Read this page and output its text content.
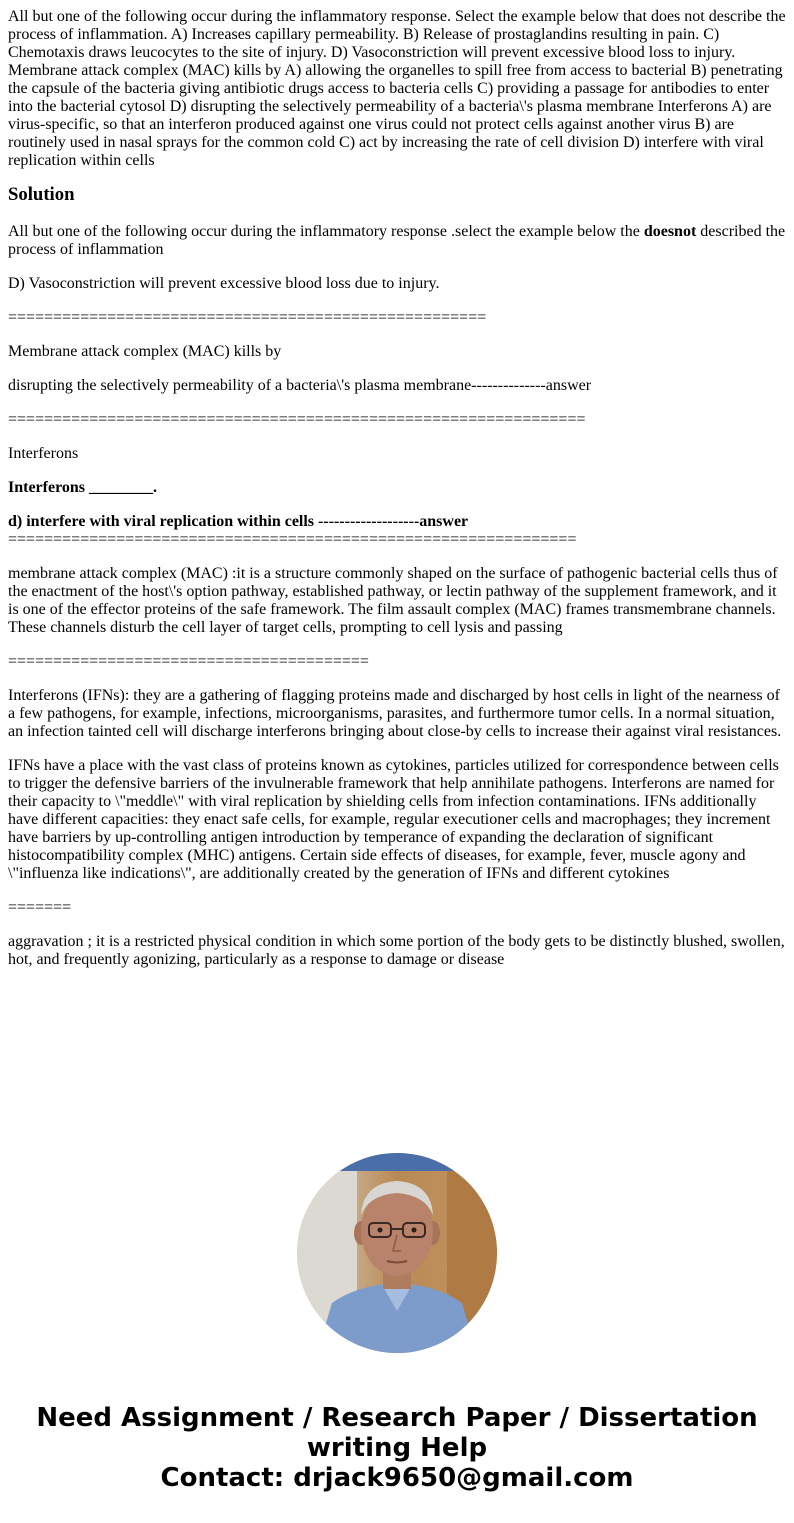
All but one of the following occur during the inflammatory response. Select the example below that does not describe the process of inflammation. A) Increases capillary permeability. B) Release of prostaglandins resulting in pain. C) Chemotaxis draws leucocytes to the site of injury. D) Vasoconstriction will prevent excessive blood loss to injury. Membrane attack complex (MAC) kills by A) allowing the organelles to spill free from access to bacterial B) penetrating the capsule of the bacteria giving antibiotic drugs access to bacteria cells C) providing a passage for antibodies to enter into the bacterial cytosol D) disrupting the selectively permeability of a bacteria\'s plasma membrane Interferons A) are virus-specific, so that an interferon produced against one virus could not protect cells against another virus B) are routinely used in nasal sprays for the common cold C) act by increasing the rate of cell division D) interfere with viral replication within cells

Solution

All but one of the following occur during the inflammatory response .select the example below the doesnot described the process of inflammation

D) Vasoconstriction will prevent excessive blood loss due to injury.

=====================================================

Membrane attack complex (MAC) kills by

disrupting the selectively permeability of a bacteria\'s plasma membrane--------------answer

================================================================

Interferons

Interferons ________.

d) interfere with viral replication within cells -------------------answer

===============================================================

membrane attack complex (MAC) :it is a structure commonly shaped on the surface of pathogenic bacterial cells thus of the enactment of the host\'s option pathway, established pathway, or lectin pathway of the supplement framework, and it is one of the effector proteins of the safe framework. The film assault complex (MAC) frames transmembrane channels. These channels disturb the cell layer of target cells, prompting to cell lysis and passing

========================================

Interferons (IFNs): they are a gathering of flagging proteins made and discharged by host cells in light of the nearness of a few pathogens, for example, infections, microorganisms, parasites, and furthermore tumor cells. In a normal situation, an infection tainted cell will discharge interferons bringing about close-by cells to increase their against viral resistances.

IFNs have a place with the vast class of proteins known as cytokines, particles utilized for correspondence between cells to trigger the defensive barriers of the invulnerable framework that help annihilate pathogens. Interferons are named for their capacity to \"meddle\" with viral replication by shielding cells from infection contaminations. IFNs additionally have different capacities: they enact safe cells, for example, regular executioner cells and macrophages; they increment have barriers by up-controlling antigen introduction by temperance of expanding the declaration of significant histocompatibility complex (MHC) antigens. Certain side effects of diseases, for example, fever, muscle agony and \"influenza like indications\", are additionally created by the generation of IFNs and different cytokines

=======

aggravation ; it is a restricted physical condition in which some portion of the body gets to be distinctly blushed, swollen, hot, and frequently agonizing, particularly as a response to damage or disease

Need Assignment / Research Paper / Dissertation writing Help
Contact: drjack9650@gmail.com
